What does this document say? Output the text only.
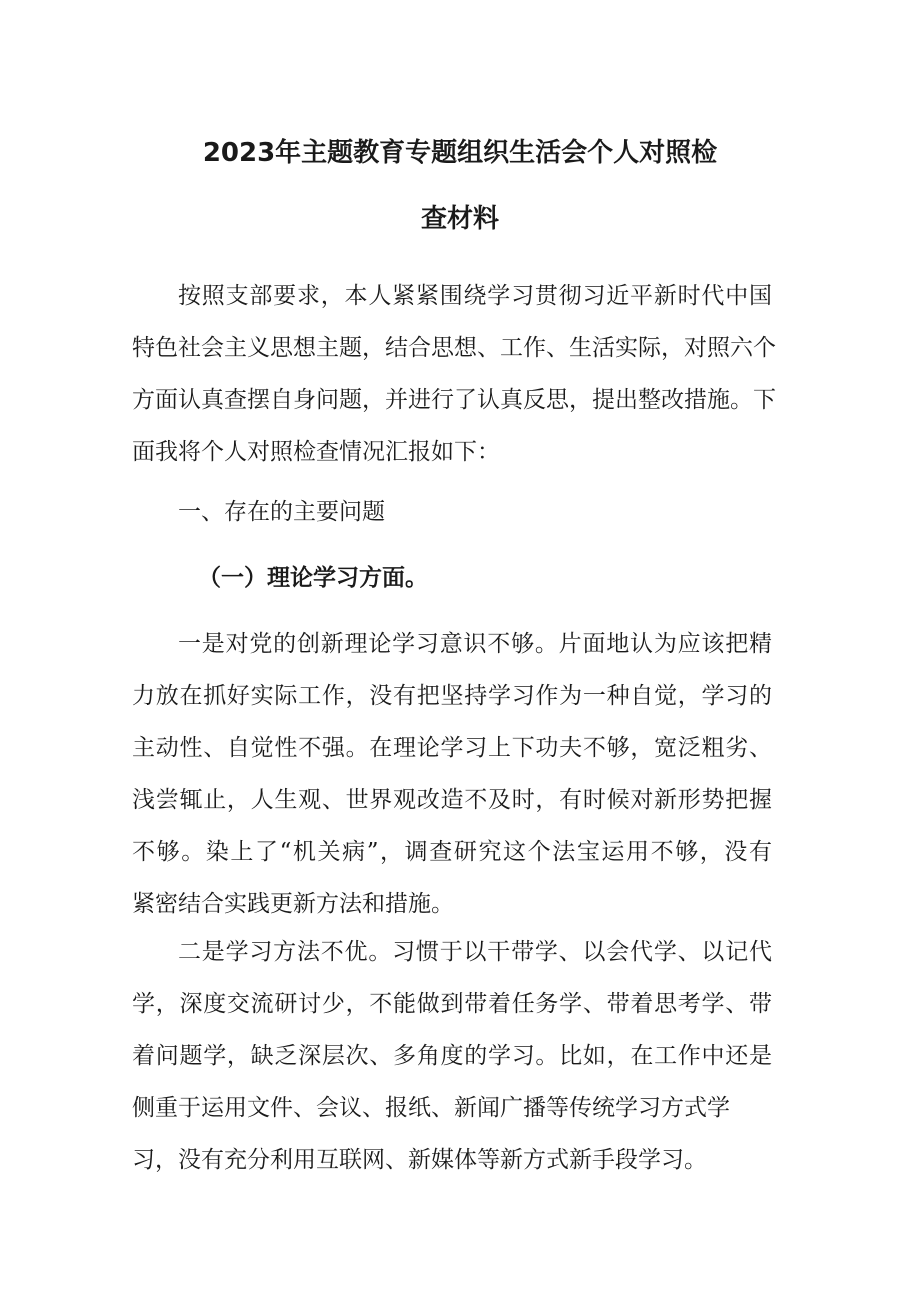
2023年主题教育专题组织生活会个人对照检
查材料
按照支部要求，本人紧紧围绕学习贯彻习近平新时代中国
特色社会主义思想主题，结合思想、工作、生活实际，对照六个
方面认真查摆自身问题，并进行了认真反思，提出整改措施。下
面我将个人对照检查情况汇报如下：
一、存在的主要问题
（一）理论学习方面。
一是对党的创新理论学习意识不够。片面地认为应该把精
力放在抓好实际工作，没有把坚持学习作为一种自觉，学习的
主动性、自觉性不强。在理论学习上下功夫不够，宽泛粗劣、
浅尝辄止，人生观、世界观改造不及时，有时候对新形势把握
不够。染上了“机关病”，调查研究这个法宝运用不够，没有
紧密结合实践更新方法和措施。
二是学习方法不优。习惯于以干带学、以会代学、以记代
学，深度交流研讨少，不能做到带着任务学、带着思考学、带
着问题学，缺乏深层次、多角度的学习。比如，在工作中还是
侧重于运用文件、会议、报纸、新闻广播等传统学习方式学
习，没有充分利用互联网、新媒体等新方式新手段学习。
